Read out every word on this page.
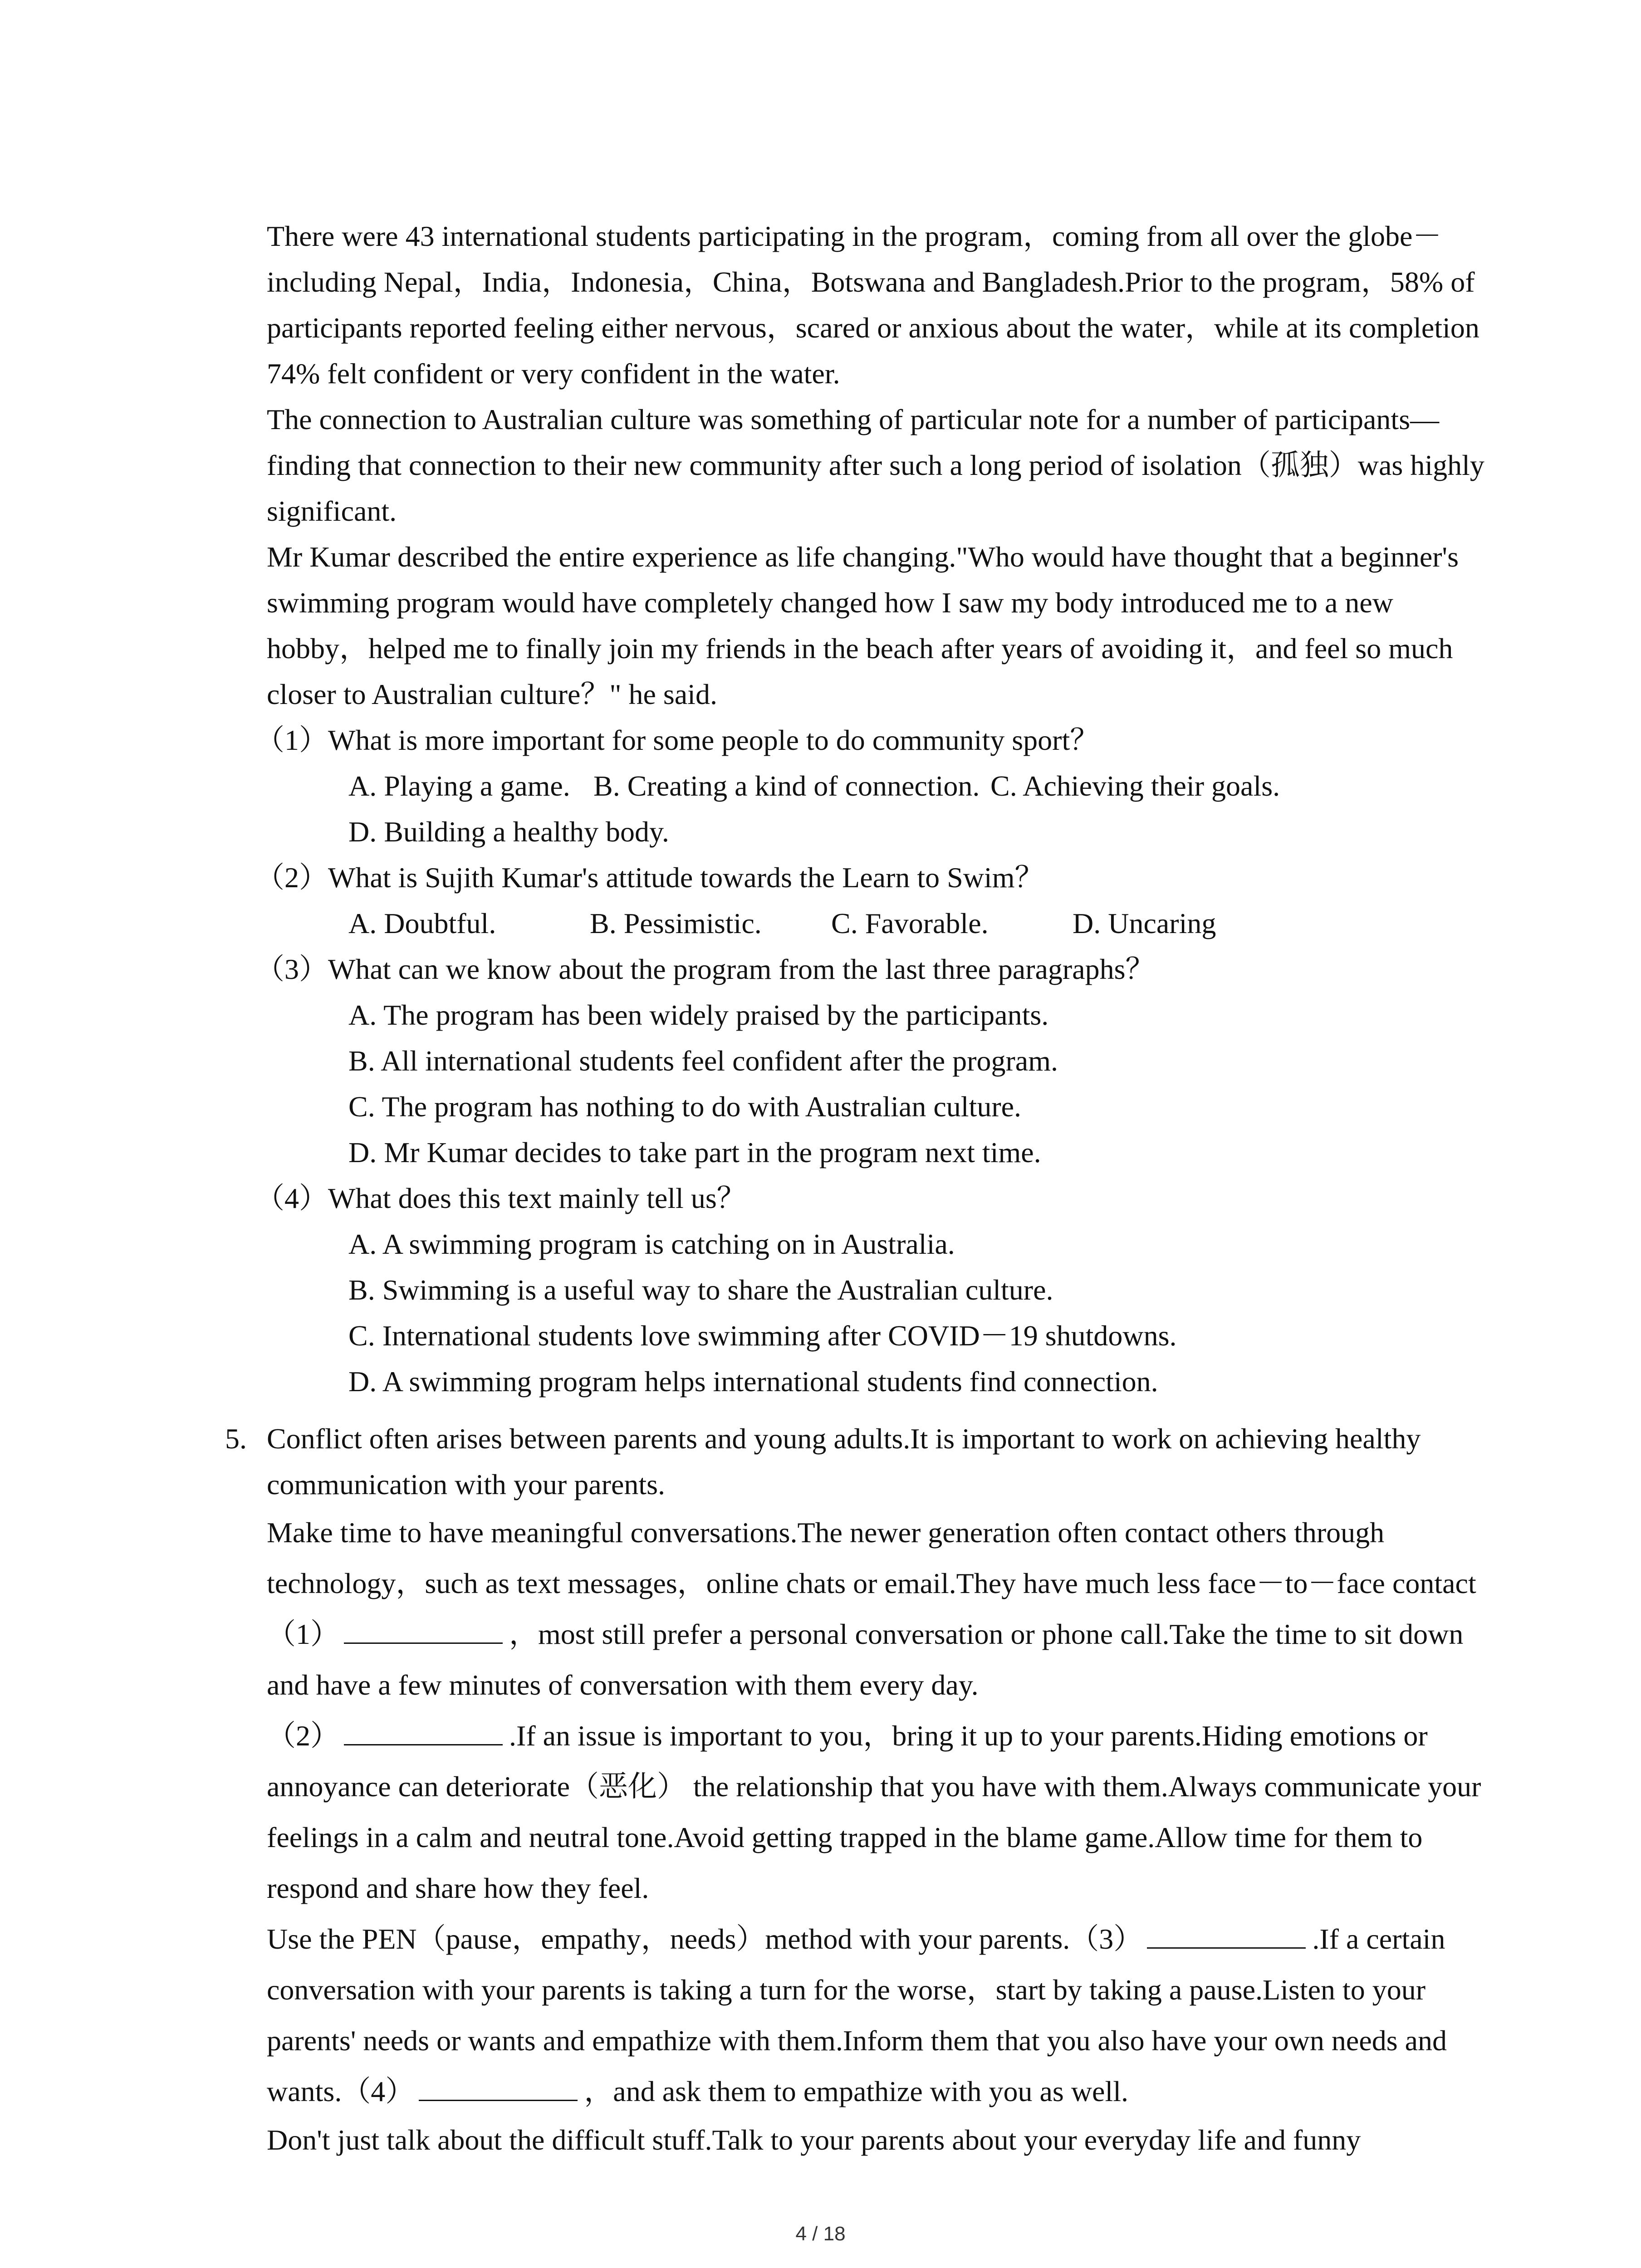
There were 43 international students participating in the program，coming from all over the globe－including Nepal，India，Indonesia，China，Botswana and Bangladesh.Prior to the program，58% of participants reported feeling either nervous，scared or anxious about the water，while at its completion 74% felt confident or very confident in the water.

The connection to Australian culture was something of particular note for a number of participants—finding that connection to their new community after such a long period of isolation（孤独）was highly significant.

Mr Kumar described the entire experience as life changing."Who would have thought that a beginner's swimming program would have completely changed how I saw my body introduced me to a new hobby，helped me to finally join my friends in the beach after years of avoiding it，and feel so much closer to Australian culture？" he said.

（1）What is more important for some people to do community sport？

A. Playing a game. B. Creating a kind of connection. C. Achieving their goals.

D. Building a healthy body.

（2）What is Sujith Kumar's attitude towards the Learn to Swim？

A. Doubtful.	B. Pessimistic.	C. Favorable.	D. Uncaring

（3）What can we know about the program from the last three paragraphs？

A. The program has been widely praised by the participants.

B. All international students feel confident after the program.

C. The program has nothing to do with Australian culture.

D. Mr Kumar decides to take part in the program next time.

（4）What does this text mainly tell us？

A. A swimming program is catching on in Australia.

B. Swimming is a useful way to share the Australian culture.

C. International students love swimming after COVID－19 shutdowns.

D. A swimming program helps international students find connection.

5. Conflict often arises between parents and young adults.It is important to work on achieving healthy communication with your parents.

Make time to have meaningful conversations.The newer generation often contact others through technology，such as text messages，online chats or email.They have much less face－to－face contact（1）	，most still prefer a personal conversation or phone call.Take the time to sit down and have a few minutes of conversation with them every day.

（2）	.If an issue is important to you，bring it up to your parents.Hiding emotions or annoyance can deteriorate（恶化） the relationship that you have with them.Always communicate your feelings in a calm and neutral tone.Avoid getting trapped in the blame game.Allow time for them to respond and share how they feel.

Use the PEN（pause，empathy，needs）method with your parents.（3）	.If a certain conversation with your parents is taking a turn for the worse，start by taking a pause.Listen to your parents' needs or wants and empathize with them.Inform them that you also have your own needs and wants.（4）	，and ask them to empathize with you as well.

Don't just talk about the difficult stuff.Talk to your parents about your everyday life and funny

4 / 18
